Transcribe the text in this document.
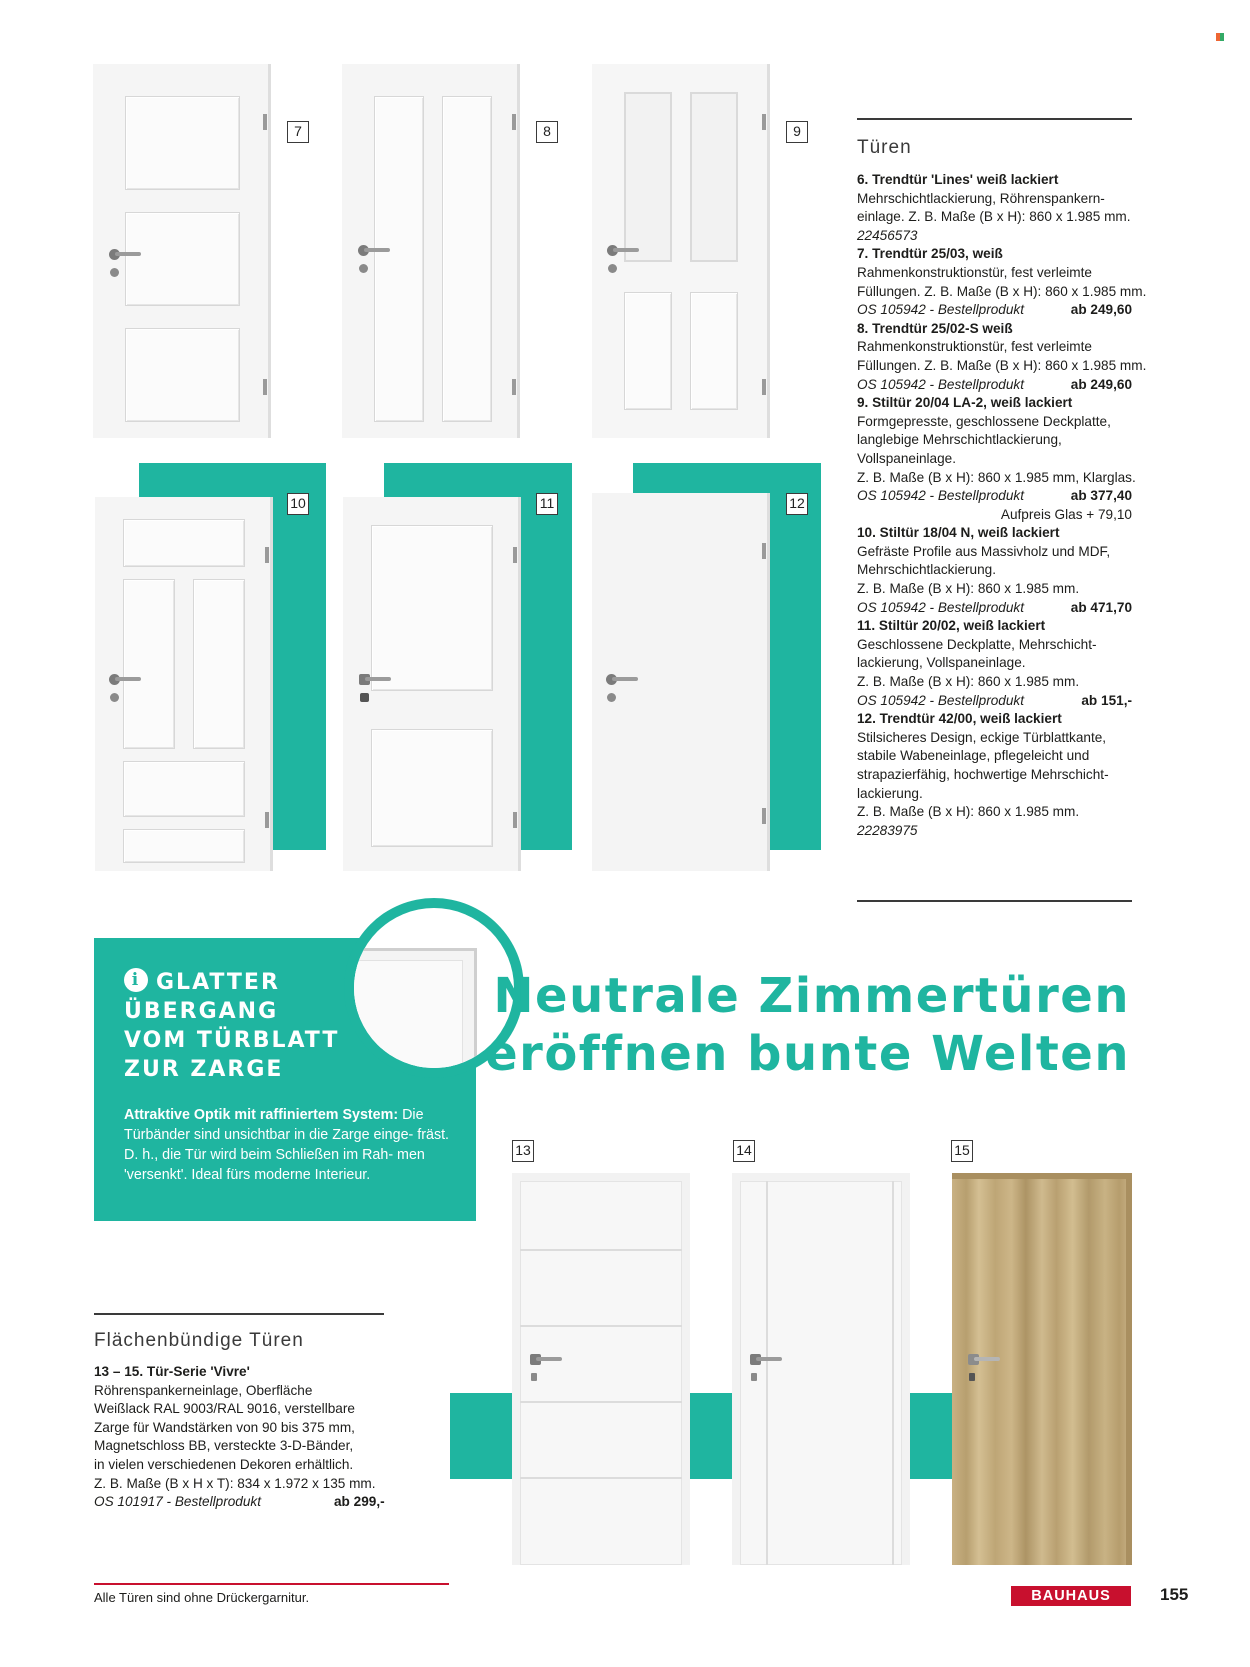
7	8	9
10	11	12
Türen
6. Trendtür 'Lines' weiß lackiert
Mehrschichtlackierung, Röhrenspankern-
einlage. Z. B. Maße (B x H): 860 x 1.985 mm.
22456573
7. Trendtür 25/03, weiß
Rahmenkonstruktionstür, fest verleimte
Füllungen. Z. B. Maße (B x H): 860 x 1.985 mm.
OS 105942 - Bestellprodukt	ab 249,60
8. Trendtür 25/02-S weiß
Rahmenkonstruktionstür, fest verleimte
Füllungen. Z. B. Maße (B x H): 860 x 1.985 mm.
OS 105942 - Bestellprodukt	ab 249,60
9. Stiltür 20/04 LA-2, weiß lackiert
Formgepresste, geschlossene Deckplatte,
langlebige Mehrschichtlackierung,
Vollspaneinlage.
Z. B. Maße (B x H): 860 x 1.985 mm, Klarglas.
OS 105942 - Bestellprodukt	ab 377,40
Aufpreis Glas + 79,10
10. Stiltür 18/04 N, weiß lackiert
Gefräste Profile aus Massivholz und MDF,
Mehrschichtlackierung.
Z. B. Maße (B x H): 860 x 1.985 mm.
OS 105942 - Bestellprodukt	ab 471,70
11. Stiltür 20/02, weiß lackiert
Geschlossene Deckplatte, Mehrschicht-
lackierung, Vollspaneinlage.
Z. B. Maße (B x H): 860 x 1.985 mm.
OS 105942 - Bestellprodukt	ab 151,-
12. Trendtür 42/00, weiß lackiert
Stilsicheres Design, eckige Türblattkante,
stabile Wabeneinlage, pflegeleicht und
strapazierfähig, hochwertige Mehrschicht-
lackierung.
Z. B. Maße (B x H): 860 x 1.985 mm.
22283975
i GLATTER
ÜBERGANG
VOM TÜRBLATT
ZUR ZARGE
Attraktive Optik mit raffiniertem System: Die Türbänder sind unsichtbar in die Zarge einge- fräst. D. h., die Tür wird beim Schließen im Rah- men 'versenkt'. Ideal fürs moderne Interieur.
Neutrale Zimmertüren
eröffnen bunte Welten
13	14	15
Flächenbündige Türen
13 – 15. Tür-Serie 'Vivre'
Röhrenspankerneinlage, Oberfläche
Weißlack RAL 9003/RAL 9016, verstellbare
Zarge für Wandstärken von 90 bis 375 mm,
Magnetschloss BB, versteckte 3-D-Bänder,
in vielen verschiedenen Dekoren erhältlich.
Z. B. Maße (B x H x T): 834 x 1.972 x 135 mm.
OS 101917 - Bestellprodukt	ab 299,-
Alle Türen sind ohne Drückergarnitur.	BAUHAUS	155
